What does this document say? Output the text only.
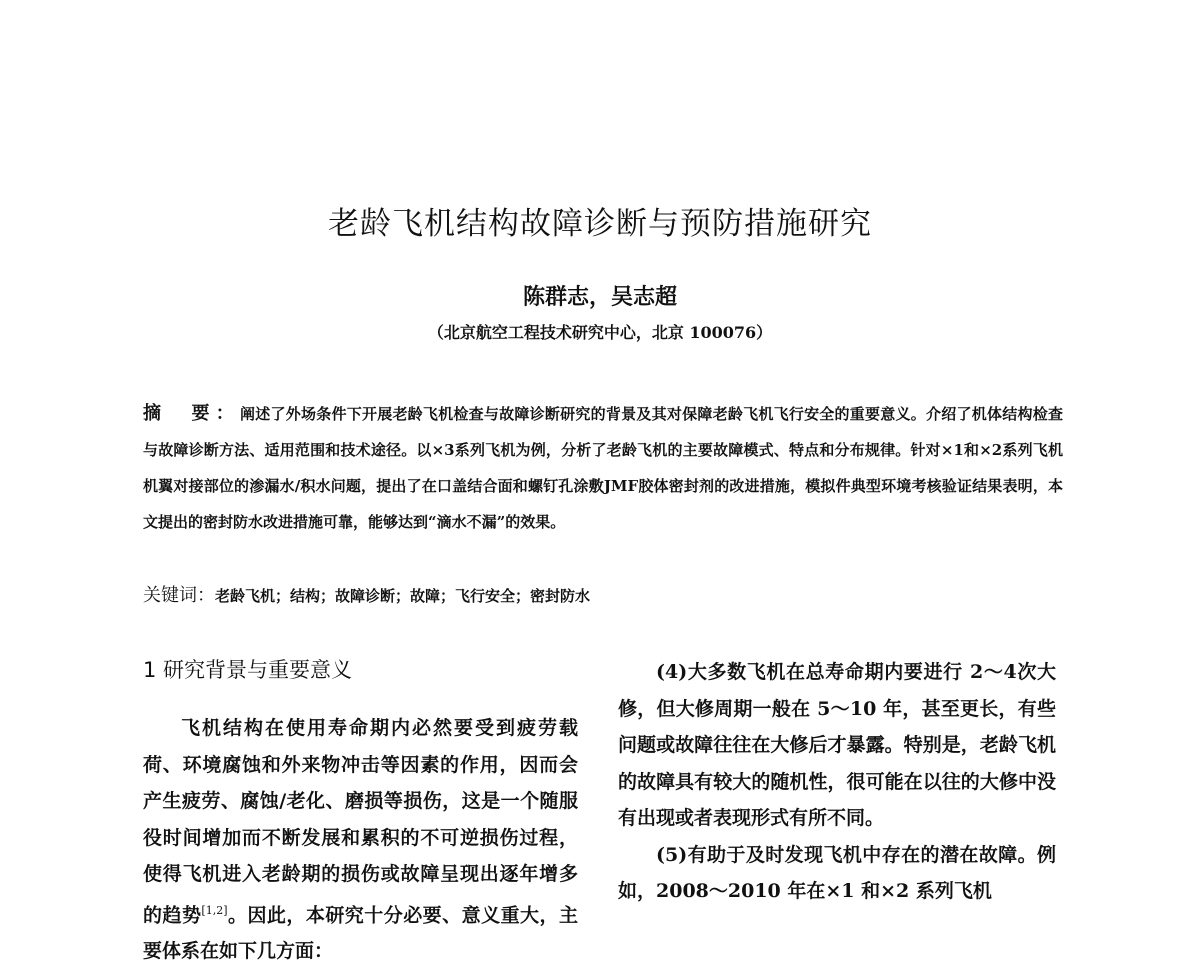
老龄飞机结构故障诊断与预防措施研究
陈群志，吴志超
（北京航空工程技术研究中心，北京 100076）
摘　要：阐述了外场条件下开展老龄飞机检查与故障诊断研究的背景及其对保障老龄飞机飞行安全的重要意义。介绍了机体结构检查与故障诊断方法、适用范围和技术途径。以×3系列飞机为例，分析了老龄飞机的主要故障模式、特点和分布规律。针对×1和×2系列飞机机翼对接部位的渗漏水/积水问题，提出了在口盖结合面和螺钉孔涂敷JMF胶体密封剂的改进措施，模拟件典型环境考核验证结果表明，本文提出的密封防水改进措施可靠，能够达到“滴水不漏”的效果。
关键词：老龄飞机；结构；故障诊断；故障；飞行安全；密封防水
1 研究背景与重要意义

飞机结构在使用寿命期内必然要受到疲劳载荷、环境腐蚀和外来物冲击等因素的作用，因而会产生疲劳、腐蚀/老化、磨损等损伤，这是一个随服役时间增加而不断发展和累积的不可逆损伤过程，使得飞机进入老龄期的损伤或故障呈现出逐年增多的趋势[1,2]。因此，本研究十分必要、意义重大，主要体系在如下几方面：

(4)大多数飞机在总寿命期内要进行 2～4次大修，但大修周期一般在 5～10 年，甚至更长，有些问题或故障往往在大修后才暴露。特别是，老龄飞机的故障具有较大的随机性，很可能在以往的大修中没有出现或者表现形式有所不同。

(5)有助于及时发现飞机中存在的潜在故障。例如，2008～2010 年在×1 和×2 系列飞机
